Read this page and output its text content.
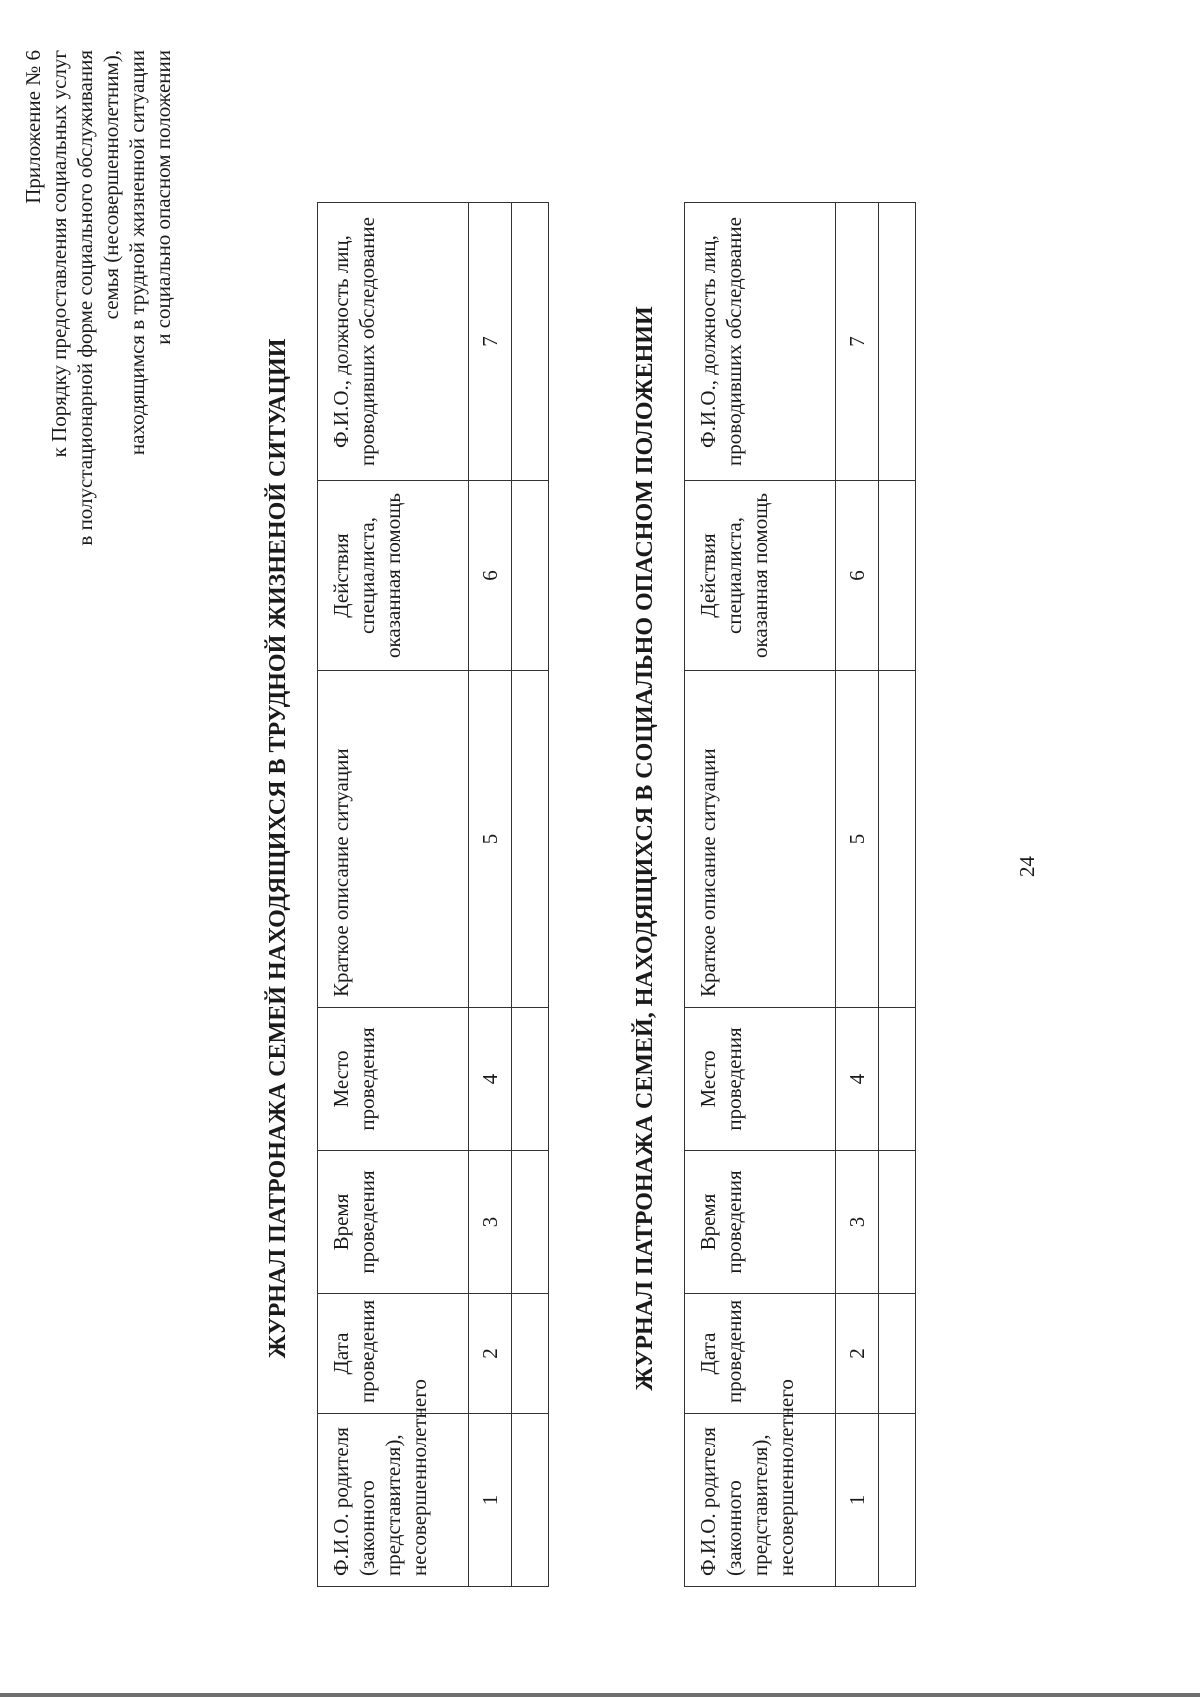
Приложение № 6 к Порядку предоставления социальных услуг в полустационарной форме социального обслуживания семья (несовершеннолетним), находящимся в трудной жизненной ситуации и социально опасном положении
ЖУРНАЛ ПАТРОНАЖА СЕМЕЙ НАХОДЯЩИХСЯ В ТРУДНОЙ ЖИЗНЕНОЙ СИТУАЦИИ
Ф.И.О. родителя (законного представителя), несовершеннолетнего	Дата проведения	Время проведения	Место проведения	Краткое описание ситуации	Действия специалиста, оказанная помощь	Ф.И.О., должность лиц, проводивших обследование
1	2	3	4	5	6	7
							ЖУРНАЛ ПАТРОНАЖА СЕМЕЙ, НАХОДЯЩИХСЯ В СОЦИАЛЬНО ОПАСНОМ ПОЛОЖЕНИИ
Ф.И.О. родителя (законного представителя), несовершеннолетнего	Дата проведения	Время проведения	Место проведения	Краткое описание ситуации	Действия специалиста, оказанная помощь	Ф.И.О., должность лиц, проводивших обследование
1	2	3	4	5	6	7

24
